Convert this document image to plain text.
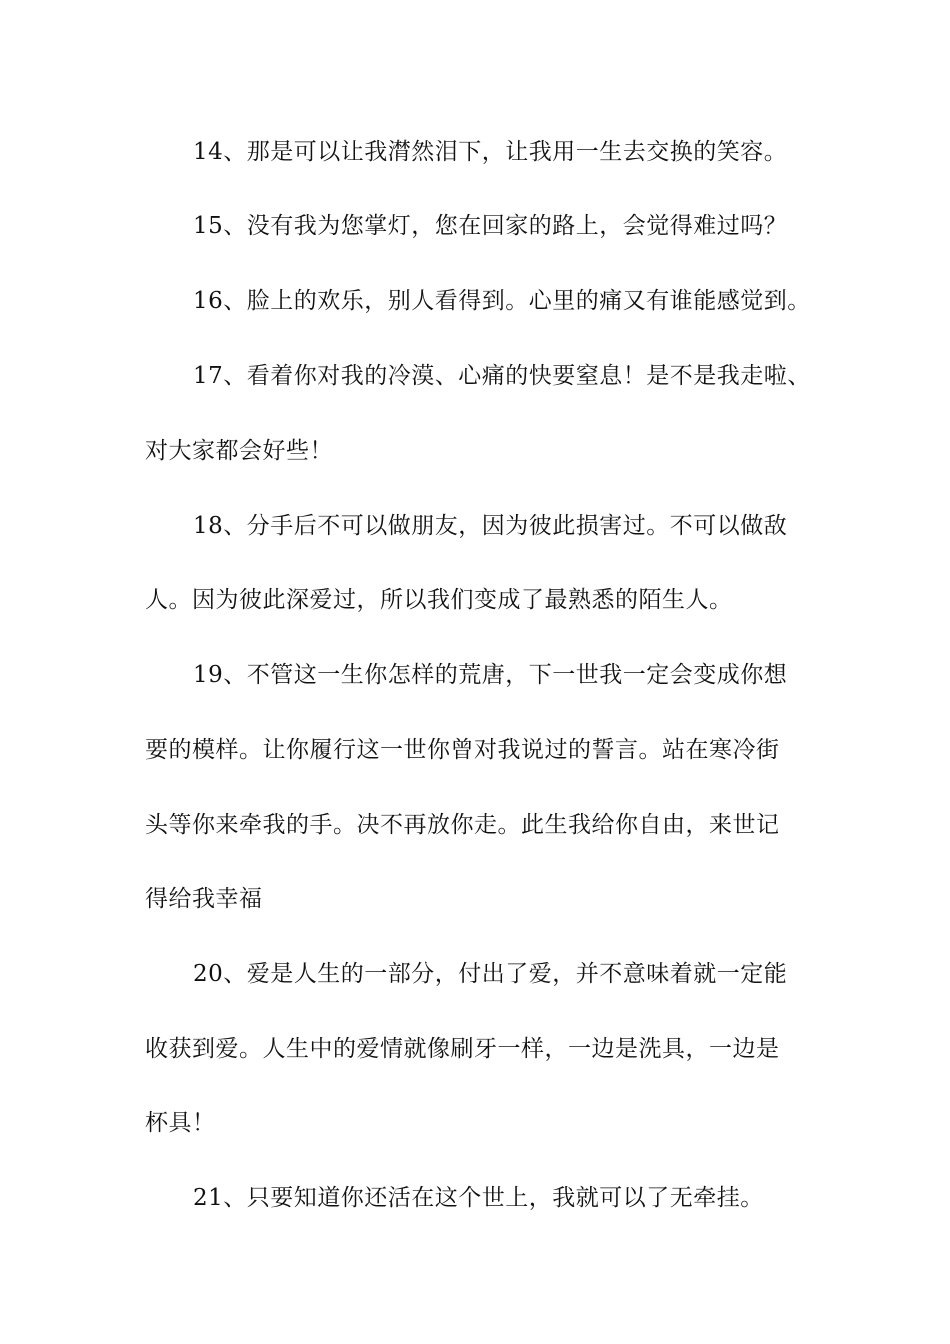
14、那是可以让我潸然泪下，让我用一生去交换的笑容。
15、没有我为您掌灯，您在回家的路上，会觉得难过吗？
16、脸上的欢乐，别人看得到。心里的痛又有谁能感觉到。
17、看着你对我的冷漠、心痛的快要窒息！是不是我走啦、
对大家都会好些！
18、分手后不可以做朋友，因为彼此损害过。不可以做敌
人。因为彼此深爱过，所以我们变成了最熟悉的陌生人。
19、不管这一生你怎样的荒唐，下一世我一定会变成你想
要的模样。让你履行这一世你曾对我说过的誓言。站在寒冷街
头等你来牵我的手。决不再放你走。此生我给你自由，来世记
得给我幸福
20、爱是人生的一部分，付出了爱，并不意味着就一定能
收获到爱。人生中的爱情就像刷牙一样，一边是洗具，一边是
杯具！
21、只要知道你还活在这个世上，我就可以了无牵挂。
